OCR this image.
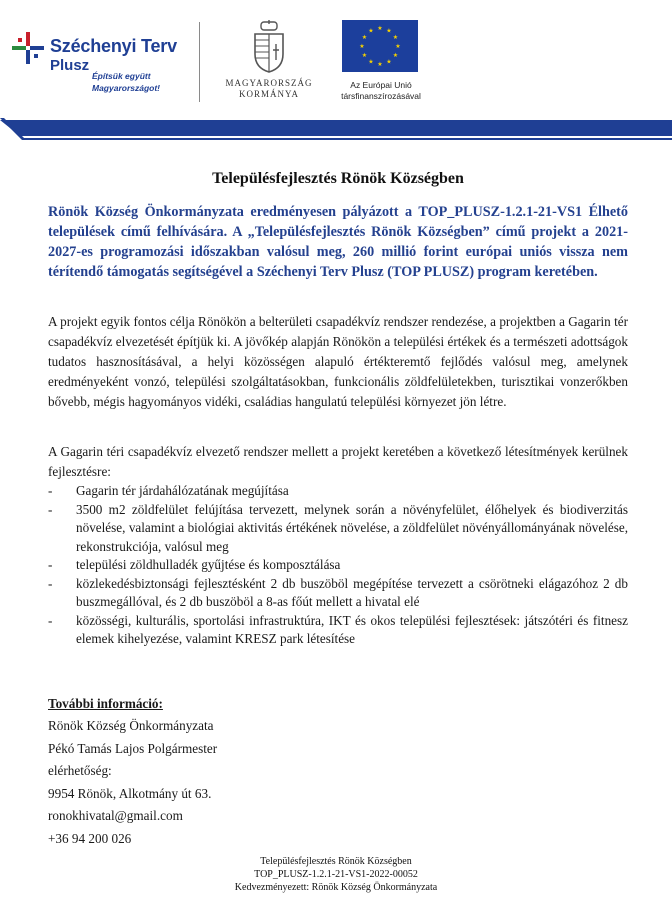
Széchenyi Terv
Plusz
Építsük együtt Magyarországot!	MAGYARORSZÁG
KORMÁNYA
★ ★
★
★
★
★
★
★
★
★
★
★
Az Európai Unió társfinanszírozásával
Településfejlesztés Rönök Községben

Rönök Község Önkormányzata eredményesen pályázott a TOP_PLUSZ-1.2.1-21-VS1 Élhető települések című felhívására. A „Településfejlesztés Rönök Községben” című projekt a 2021-2027-es programozási időszakban valósul meg, 260 millió forint európai uniós vissza nem térítendő támogatás segítségével a Széchenyi Terv Plusz (TOP PLUSZ) program keretében.

A projekt egyik fontos célja Rönökön a belterületi csapadékvíz rendszer rendezése, a projektben a Gagarin tér csapadékvíz elvezetését építjük ki. A jövőkép alapján Rönökön a települési értékek és a természeti adottságok tudatos hasznosításával, a helyi közösségen alapuló értékteremtő fejlődés valósul meg, amelynek eredményeként vonzó, települési szolgáltatásokban, funkcionális zöldfelületekben, turisztikai vonzerőkben bővebb, mégis hagyományos vidéki, családias hangulatú települési környezet jön létre.

A Gagarin téri csapadékvíz elvezető rendszer mellett a projekt keretében a következő létesítmények kerülnek fejlesztésre:

- Gagarin tér járdahálózatának megújítása
- 3500 m2 zöldfelület felújítása tervezett, melynek során a növényfelület, élőhelyek és biodiverzitás növelése, valamint a biológiai aktivitás értékének növelése, a zöldfelület növényállományának növelése, rekonstrukciója, valósul meg
- települési zöldhulladék gyűjtése és komposztálása
- közlekedésbiztonsági fejlesztésként 2 db buszöböl megépítése tervezett a csörötneki elágazóhoz 2 db buszmegállóval, és 2 db buszöböl a 8-as főút mellett a hivatal elé
- közösségi, kulturális, sportolási infrastruktúra, IKT és okos települési fejlesztések: játszótéri és fitnesz elemek kihelyezése, valamint KRESZ park létesítése
További információ:
Rönök Község Önkormányzata
Pékó Tamás Lajos Polgármester
elérhetőség:
9954 Rönök, Alkotmány út 63.
ronokhivatal@gmail.com
+36 94 200 026
Településfejlesztés Rönök Községben
TOP_PLUSZ-1.2.1-21-VS1-2022-00052
Kedvezményezett: Rönök Község Önkormányzata
